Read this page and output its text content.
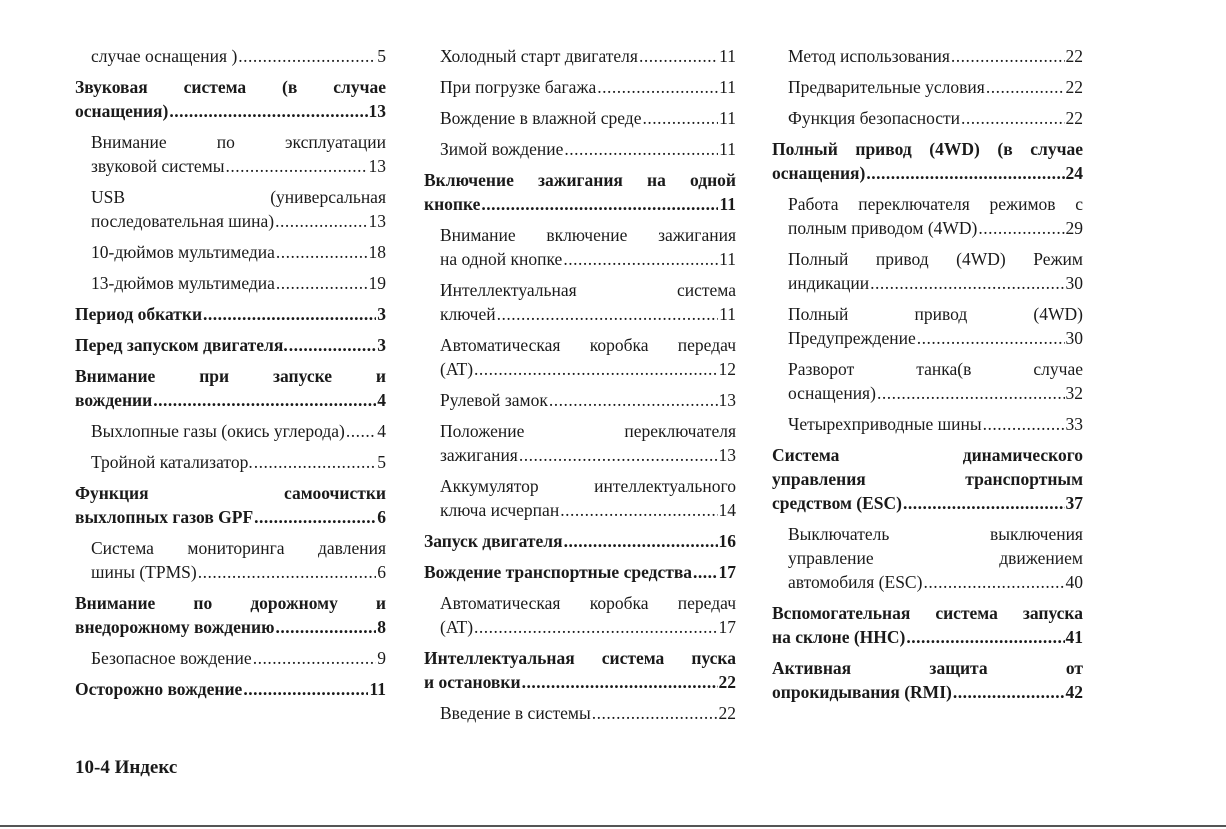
случае оснащения ) .....	5
Звуковая система (в случае
оснащения) .....	13
Внимание по эксплуатации
звуковой системы .....	13
USB (универсальная
последовательная шина) .....	13
10-дюймов мультимедиа .....	18
13-дюймов мультимедиа .....	19
Период обкатки .....	3
Перед запуском двигателя. .....	3
Внимание при запуске и
вождении .....	4
Выхлопные газы (окись углерода) ..... 4
Тройной катализатор. .....	5
Функция самоочистки
выхлопных газов GPF .....	6
Система мониторинга давления
шины (TPMS) .....	6
Внимание по дорожному и
внедорожному вождению .....	8
Безопасное вождение .....	9
Осторожно вождение .....	11
Холодный старт двигателя .....	11
При погрузке багажа .....	11
Вождение в влажной среде .....	11
Зимой вождение .....	11
Включение зажигания на одной
кнопке .....	11
Внимание включение зажигания
на одной кнопке .....	11
Интеллектуальная система
ключей .....	11
Автоматическая коробка передач
(AT) .....	12
Рулевой замок .....	13
Положение переключателя
зажигания .....	13
Аккумулятор интеллектуального
ключа исчерпан .....	14
Запуск двигателя .....	16
Вождение транспортные средства ..... 17
Автоматическая коробка передач
(AT) .....	17
Интеллектуальная система пуска
и остановки .....	22
Введение в системы .....	22
Метод использования .....	22
Предварительные условия .....	22
Функция безопасности .....	22
Полный привод (4WD) (в случае
оснащения) .....	24
Работа переключателя режимов с
полным приводом (4WD) .....	29
Полный привод (4WD) Режим
индикации .....	30
Полный привод (4WD)
Предупреждение .....	30
Разворот танка(в случае
оснащения) .....	32
Четырехприводные шины .....	33
Система динамического
управления транспортным
средством (ESC) .....	37
Выключатель выключения
управление движением
автомобиля (ESC) .....	40
Вспомогательная система запуска
на склоне (HHC) .....	41
Активная защита от
опрокидывания (RMI) .....	42
10-4 Индекс
